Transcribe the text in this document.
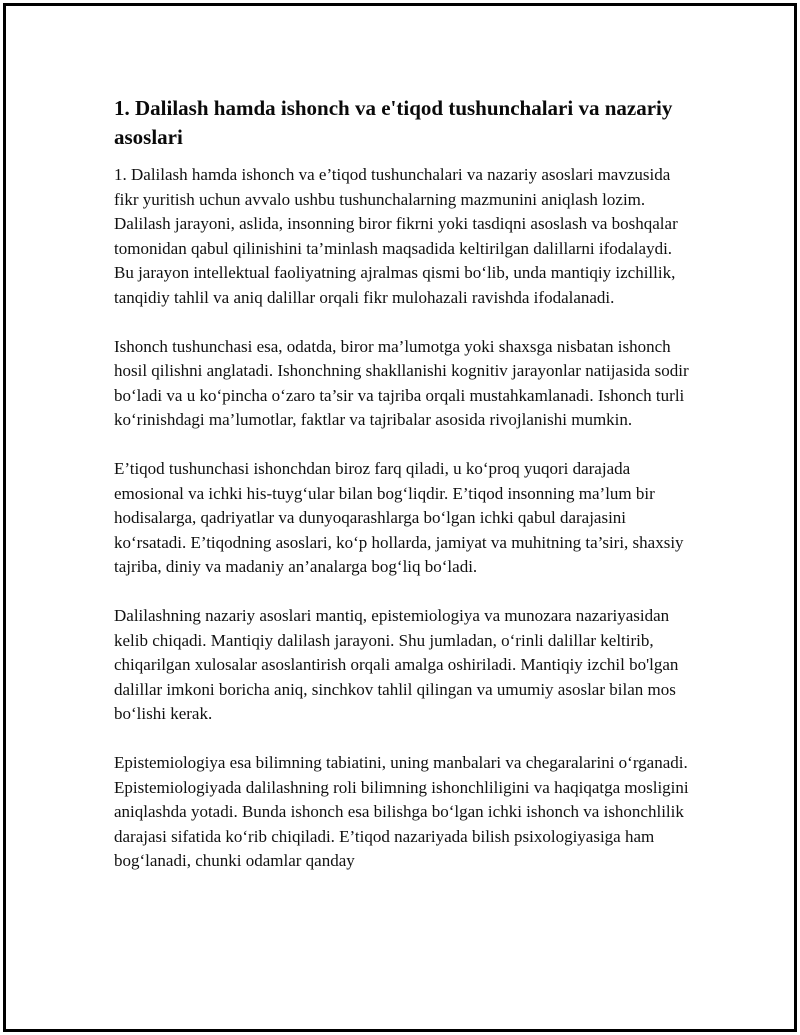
1. Dalilash hamda ishonch va e'tiqod tushunchalari va nazariy asoslari

1. Dalilash hamda ishonch va e’tiqod tushunchalari va nazariy asoslari mavzusida fikr yuritish uchun avvalo ushbu tushunchalarning mazmunini aniqlash lozim. Dalilash jarayoni, aslida, insonning biror fikrni yoki tasdiqni asoslash va boshqalar tomonidan qabul qilinishini ta’minlash maqsadida keltirilgan dalillarni ifodalaydi. Bu jarayon intellektual faoliyatning ajralmas qismi bo‘lib, unda mantiqiy izchillik, tanqidiy tahlil va aniq dalillar orqali fikr mulohazali ravishda ifodalanadi.

Ishonch tushunchasi esa, odatda, biror ma’lumotga yoki shaxsga nisbatan ishonch hosil qilishni anglatadi. Ishonchning shakllanishi kognitiv jarayonlar natijasida sodir bo‘ladi va u ko‘pincha o‘zaro ta’sir va tajriba orqali mustahkamlanadi. Ishonch turli ko‘rinishdagi ma’lumotlar, faktlar va tajribalar asosida rivojlanishi mumkin.

E’tiqod tushunchasi ishonchdan biroz farq qiladi, u ko‘proq yuqori darajada emosional va ichki his-tuyg‘ular bilan bog‘liqdir. E’tiqod insonning ma’lum bir hodisalarga, qadriyatlar va dunyoqarashlarga bo‘lgan ichki qabul darajasini ko‘rsatadi. E’tiqodning asoslari, ko‘p hollarda, jamiyat va muhitning ta’siri, shaxsiy tajriba, diniy va madaniy an’analarga bog‘liq bo‘ladi.

Dalilashning nazariy asoslari mantiq, epistemiologiya va munozara nazariyasidan kelib chiqadi. Mantiqiy dalilash jarayoni. Shu jumladan, o‘rinli dalillar keltirib, chiqarilgan xulosalar asoslantirish orqali amalga oshiriladi. Mantiqiy izchil bo'lgan dalillar imkoni boricha aniq, sinchkov tahlil qilingan va umumiy asoslar bilan mos bo‘lishi kerak.

Epistemiologiya esa bilimning tabiatini, uning manbalari va chegaralarini o‘rganadi. Epistemiologiyada dalilashning roli bilimning ishonchliligini va haqiqatga mosligini aniqlashda yotadi. Bunda ishonch esa bilishga bo‘lgan ichki ishonch va ishonchlilik darajasi sifatida ko‘rib chiqiladi. E’tiqod nazariyada bilish psixologiyasiga ham bog‘lanadi, chunki odamlar qanday
